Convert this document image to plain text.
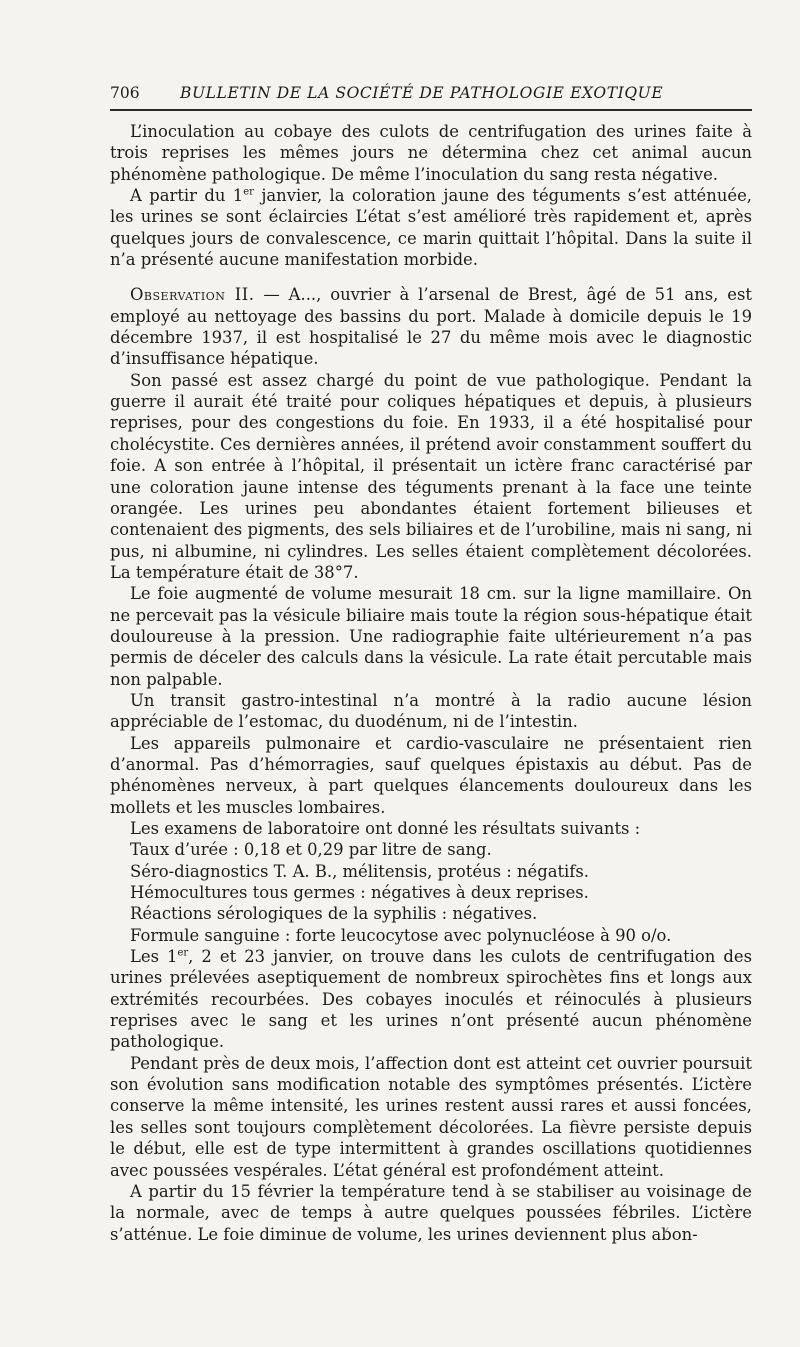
706	BULLETIN DE LA SOCIÉTÉ DE PATHOLOGIE EXOTIQUE

L’inoculation au cobaye des culots de centrifugation des urines faite à trois reprises les mêmes jours ne détermina chez cet animal aucun phénomène pathologique. De même l’inoculation du sang resta négative.

A partir du 1er janvier, la coloration jaune des téguments s’est atténuée, les urines se sont éclaircies L’état s’est amélioré très rapidement et, après quelques jours de convalescence, ce marin quittait l’hôpital. Dans la suite il n’a présenté aucune manifestation morbide.

Observation II. — A..., ouvrier à l’arsenal de Brest, âgé de 51 ans, est employé au nettoyage des bassins du port. Malade à domicile depuis le 19 décembre 1937, il est hospitalisé le 27 du même mois avec le diagnostic d’insuffisance hépatique.

Son passé est assez chargé du point de vue pathologique. Pendant la guerre il aurait été traité pour coliques hépatiques et depuis, à plusieurs reprises, pour des congestions du foie. En 1933, il a été hospitalisé pour cholécystite. Ces dernières années, il prétend avoir constamment souffert du foie. A son entrée à l’hôpital, il présentait un ictère franc caractérisé par une coloration jaune intense des téguments prenant à la face une teinte orangée. Les urines peu abondantes étaient fortement bilieuses et contenaient des pigments, des sels biliaires et de l’urobiline, mais ni sang, ni pus, ni albumine, ni cylindres. Les selles étaient complètement décolorées. La température était de 38°7.

Le foie augmenté de volume mesurait 18 cm. sur la ligne mamillaire. On ne percevait pas la vésicule biliaire mais toute la région sous-hépatique était douloureuse à la pression. Une radiographie faite ultérieurement n’a pas permis de déceler des calculs dans la vésicule. La rate était percutable mais non palpable.

Un transit gastro-intestinal n’a montré à la radio aucune lésion appréciable de l’estomac, du duodénum, ni de l’intestin.

Les appareils pulmonaire et cardio-vasculaire ne présentaient rien d’anormal. Pas d’hémorragies, sauf quelques épistaxis au début. Pas de phénomènes nerveux, à part quelques élancements douloureux dans les mollets et les muscles lombaires.

Les examens de laboratoire ont donné les résultats suivants :

Taux d’urée : 0,18 et 0,29 par litre de sang.

Séro-diagnostics T. A. B., mélitensis, protéus : négatifs.

Hémocultures tous germes : négatives à deux reprises.

Réactions sérologiques de la syphilis : négatives.

Formule sanguine : forte leucocytose avec polynucléose à 90 o/o.

Les 1er, 2 et 23 janvier, on trouve dans les culots de centrifugation des urines prélevées aseptiquement de nombreux spirochètes fins et longs aux extrémités recourbées. Des cobayes inoculés et réinoculés à plusieurs reprises avec le sang et les urines n’ont présenté aucun phénomène pathologique.

Pendant près de deux mois, l’affection dont est atteint cet ouvrier poursuit son évolution sans modification notable des symptômes présentés. L’ictère conserve la même intensité, les urines restent aussi rares et aussi foncées, les selles sont toujours complètement décolorées. La fièvre persiste depuis le début, elle est de type intermittent à grandes oscillations quotidiennes avec poussées vespérales. L’état général est profondément atteint.

A partir du 15 février la température tend à se stabiliser au voisinage de la normale, avec de temps à autre quelques poussées fébriles. L’ictère s’atténue. Le foie diminue de volume, les urines deviennent plus abon-
